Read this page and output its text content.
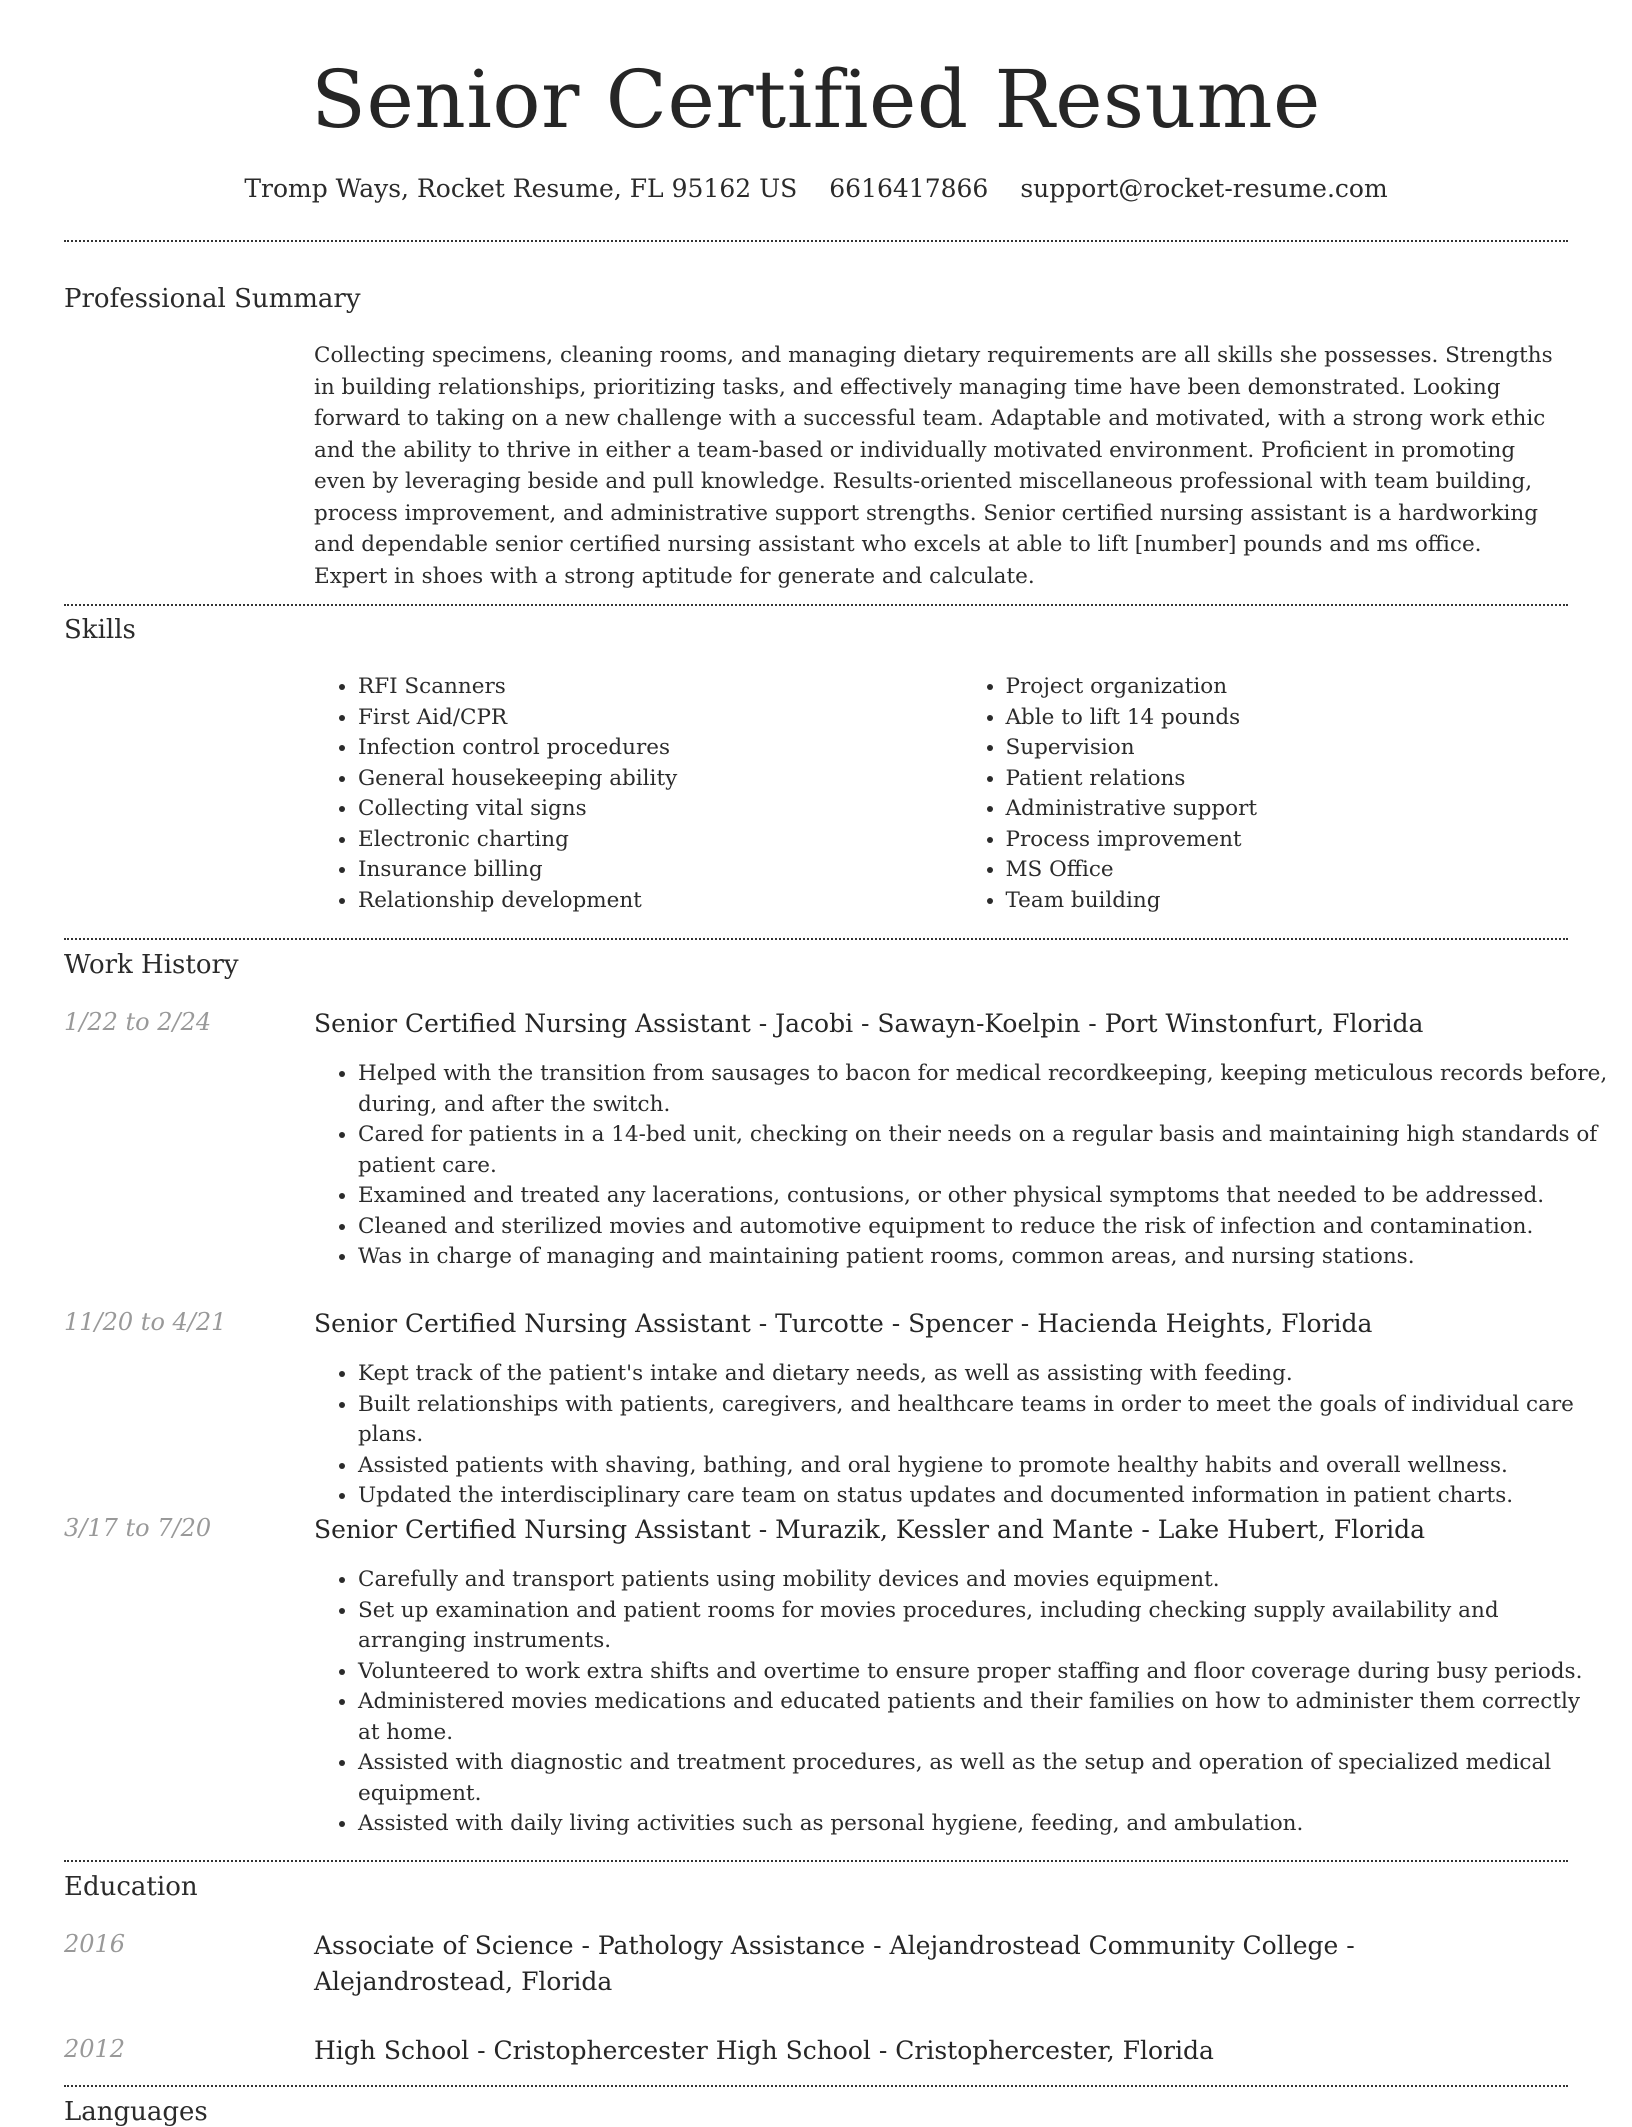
Senior Certified Resume
Tromp Ways, Rocket Resume, FL 95162 US 6616417866 support@rocket-resume.com
Professional Summary

Collecting specimens, cleaning rooms, and managing dietary requirements are all skills she possesses. Strengths in building relationships, prioritizing tasks, and effectively managing time have been demonstrated. Looking forward to taking on a new challenge with a successful team. Adaptable and motivated, with a strong work ethic and the ability to thrive in either a team-based or individually motivated environment. Proficient in promoting even by leveraging beside and pull knowledge. Results-oriented miscellaneous professional with team building, process improvement, and administrative support strengths. Senior certified nursing assistant is a hardworking and dependable senior certified nursing assistant who excels at able to lift [number] pounds and ms office. Expert in shoes with a strong aptitude for generate and calculate.

Skills
• RFI Scanners
• First Aid/CPR
• Infection control procedures
• General housekeeping ability
• Collecting vital signs
• Electronic charting
• Insurance billing
• Relationship development
• Project organization
• Able to lift 14 pounds
• Supervision
• Patient relations
• Administrative support
• Process improvement
• MS Office
• Team building
Work History
1/22 to 2/24	Senior Certified Nursing Assistant - Jacobi - Sawayn-Koelpin - Port Winstonfurt, Florida
• Helped with the transition from sausages to bacon for medical recordkeeping, keeping meticulous records before, during, and after the switch.
• Cared for patients in a 14-bed unit, checking on their needs on a regular basis and maintaining high standards of patient care.
• Examined and treated any lacerations, contusions, or other physical symptoms that needed to be addressed.
• Cleaned and sterilized movies and automotive equipment to reduce the risk of infection and contamination.
• Was in charge of managing and maintaining patient rooms, common areas, and nursing stations.
11/20 to 4/21	Senior Certified Nursing Assistant - Turcotte - Spencer - Hacienda Heights, Florida
• Kept track of the patient's intake and dietary needs, as well as assisting with feeding.
• Built relationships with patients, caregivers, and healthcare teams in order to meet the goals of individual care plans.
• Assisted patients with shaving, bathing, and oral hygiene to promote healthy habits and overall wellness.
• Updated the interdisciplinary care team on status updates and documented information in patient charts.
3/17 to 7/20	Senior Certified Nursing Assistant - Murazik, Kessler and Mante - Lake Hubert, Florida
• Carefully and transport patients using mobility devices and movies equipment.
• Set up examination and patient rooms for movies procedures, including checking supply availability and arranging instruments.
• Volunteered to work extra shifts and overtime to ensure proper staffing and floor coverage during busy periods.
• Administered movies medications and educated patients and their families on how to administer them correctly at home.
• Assisted with diagnostic and treatment procedures, as well as the setup and operation of specialized medical equipment.
• Assisted with daily living activities such as personal hygiene, feeding, and ambulation.
Education
2016	Associate of Science - Pathology Assistance - Alejandrostead Community College - Alejandrostead, Florida
2012	High School - Cristophercester High School - Cristophercester, Florida
Languages
